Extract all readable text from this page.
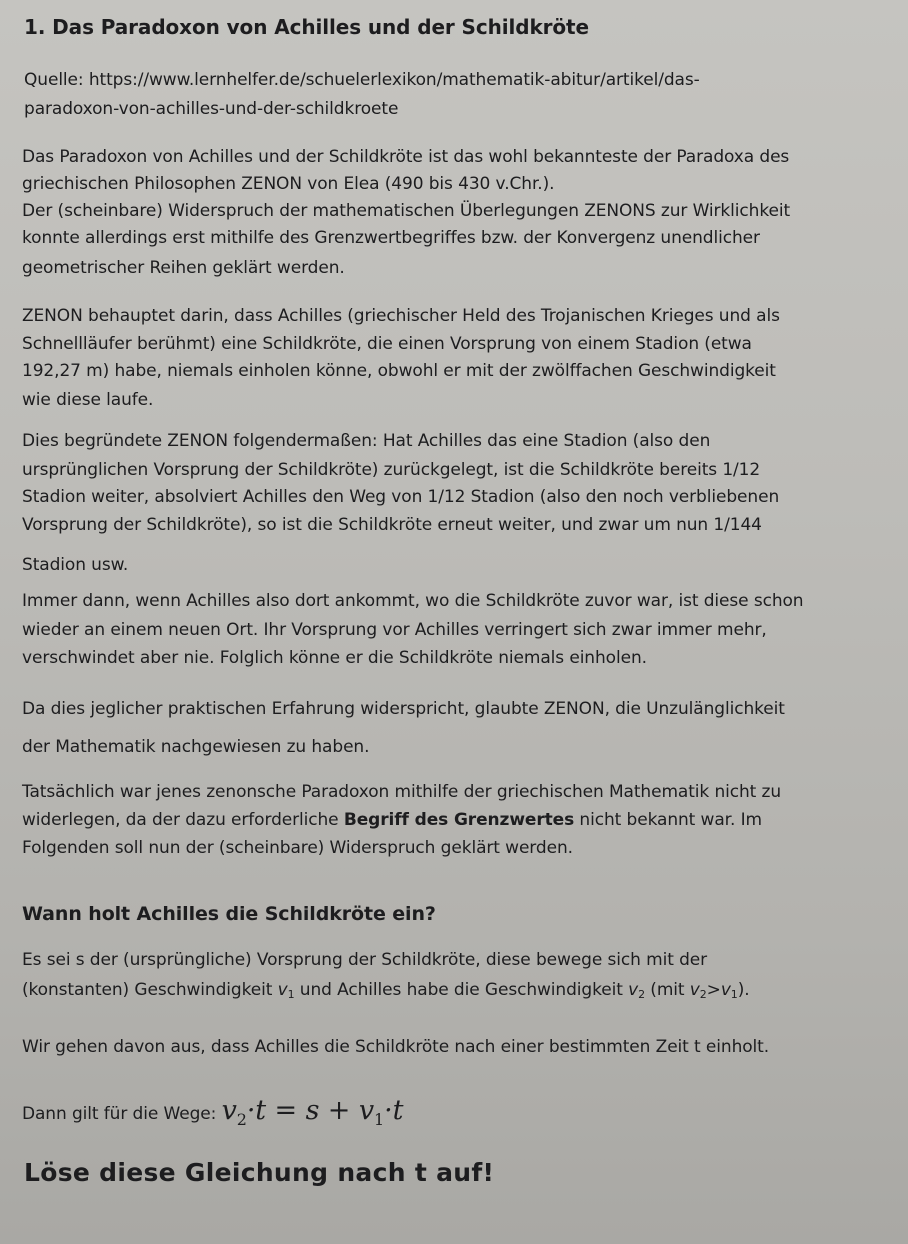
1. Das Paradoxon von Achilles und der Schildkröte
Quelle: https://www.lernhelfer.de/schuelerlexikon/mathematik-abitur/artikel/das-
paradoxon-von-achilles-und-der-schildkroete
Das Paradoxon von Achilles und der Schildkröte ist das wohl bekannteste der Paradoxa des
griechischen Philosophen ZENON von Elea (490 bis 430 v.Chr.).
Der (scheinbare) Widerspruch der mathematischen Überlegungen ZENONS zur Wirklichkeit
konnte allerdings erst mithilfe des Grenzwertbegriffes bzw. der Konvergenz unendlicher
geometrischer Reihen geklärt werden.
ZENON behauptet darin, dass Achilles (griechischer Held des Trojanischen Krieges und als
Schnellläufer berühmt) eine Schildkröte, die einen Vorsprung von einem Stadion (etwa
192,27 m) habe, niemals einholen könne, obwohl er mit der zwölffachen Geschwindigkeit
wie diese laufe.
Dies begründete ZENON folgendermaßen: Hat Achilles das eine Stadion (also den
ursprünglichen Vorsprung der Schildkröte) zurückgelegt, ist die Schildkröte bereits 1/12
Stadion weiter, absolviert Achilles den Weg von 1/12 Stadion (also den noch verbliebenen
Vorsprung der Schildkröte), so ist die Schildkröte erneut weiter, und zwar um nun 1/144
Stadion usw.
Immer dann, wenn Achilles also dort ankommt, wo die Schildkröte zuvor war, ist diese schon
wieder an einem neuen Ort. Ihr Vorsprung vor Achilles verringert sich zwar immer mehr,
verschwindet aber nie. Folglich könne er die Schildkröte niemals einholen.
Da dies jeglicher praktischen Erfahrung widerspricht, glaubte ZENON, die Unzulänglichkeit
der Mathematik nachgewiesen zu haben.
Tatsächlich war jenes zenonsche Paradoxon mithilfe der griechischen Mathematik nicht zu
widerlegen, da der dazu erforderliche Begriff des Grenzwertes nicht bekannt war. Im
Folgenden soll nun der (scheinbare) Widerspruch geklärt werden.
Wann holt Achilles die Schildkröte ein?
Es sei s der (ursprüngliche) Vorsprung der Schildkröte, diese bewege sich mit der
(konstanten) Geschwindigkeit $v_1$ und Achilles habe die Geschwindigkeit $v_2$ (mit $v_2>v_1$).
Wir gehen davon aus, dass Achilles die Schildkröte nach einer bestimmten Zeit t einholt.
Dann gilt für die Wege: $v_2\cdot t = s + v_1\cdot t$
Löse diese Gleichung nach t auf!
